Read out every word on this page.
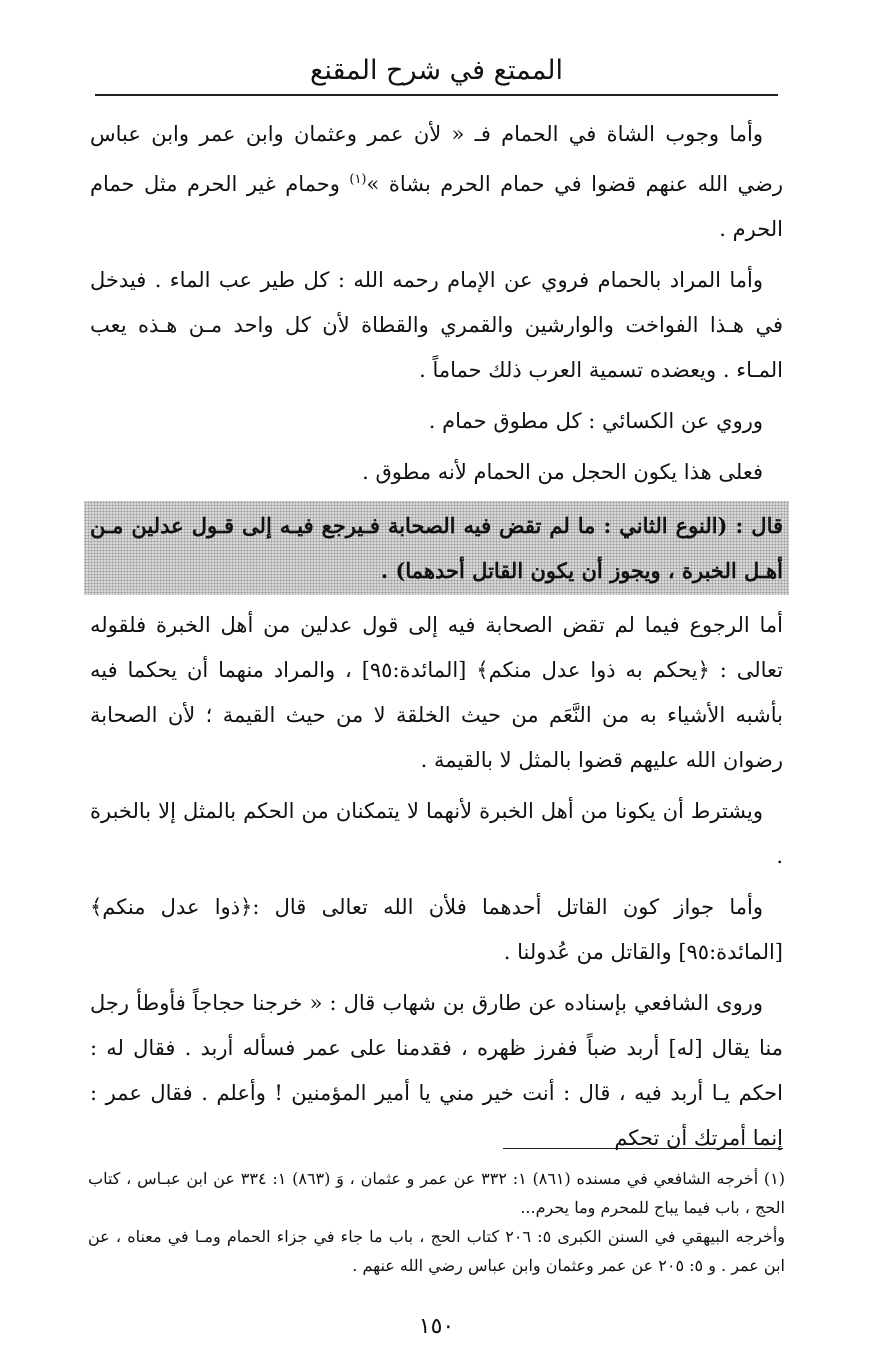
الممتع في شرح المقنع

وأما وجوب الشاة في الحمام فـ « لأن عمر وعثمان وابن عمر وابن عباس رضي الله عنهم قضوا في حمام الحرم بشاة »$^{(١)}$ وحمام غير الحرم مثل حمام الحرم .

وأما المراد بالحمام فروي عن الإمام رحمه الله : كل طير عب الماء . فيدخل في هـذا الفواخت والوارشين والقمري والقطاة لأن كل واحد مـن هـذه يعب المـاء . ويعضده تسمية العرب ذلك حماماً .

وروي عن الكسائي : كل مطوق حمام .

فعلى هذا يكون الحجل من الحمام لأنه مطوق .

قال : (النوع الثاني : ما لم تقض فيه الصحابة فـيرجع فيـه إلى قـول عدلين مـن أهـل الخبرة ، ويجوز أن يكون القاتل أحدهما) .

أما الرجوع فيما لم تقض الصحابة فيه إلى قول عدلين من أهل الخبرة فلقوله تعالى : ﴿يحكم به ذوا عدل منكم﴾ [المائدة:٩٥] ، والمراد منهما أن يحكما فيه بأشبه الأشياء به من النَّعَم من حيث الخلقة لا من حيث القيمة ؛ لأن الصحابة رضوان الله عليهم قضوا بالمثل لا بالقيمة .

ويشترط أن يكونا من أهل الخبرة لأنهما لا يتمكنان من الحكم بالمثل إلا بالخبرة .

وأما جواز كون القاتل أحدهما فلأن الله تعالى قال :﴿ذوا عدل منكم﴾ [المائدة:٩٥] والقاتل من عُدولنا .

وروى الشافعي بإسناده عن طارق بن شهاب قال : « خرجنا حجاجاً فأوطأ رجل منا يقال [له] أربد ضباً ففرز ظهره ، فقدمنا على عمر فسأله أربد . فقال له : احكم يـا أربد فيه ، قال : أنت خير مني يا أمير المؤمنين ! وأعلم . فقال عمر : إنما أمرتك أن تحكم

(١) أخرجه الشافعي في مسنده (٨٦١) ١: ٣٣٢ عن عمر و عثمان ، وَ (٨٦٣) ١: ٣٣٤ عن ابن عبـاس ، كتاب الحج ، باب فيما يباح للمحرم وما يحرم...

وأخرجه البيهقي في السنن الكبرى ٥: ٢٠٦ كتاب الحج ، باب ما جاء في جزاء الحمام ومـا في معناه ، عن ابن عمر . و ٥: ٢٠٥ عن عمر وعثمان وابن عباس رضي الله عنهم .

١٥٠
